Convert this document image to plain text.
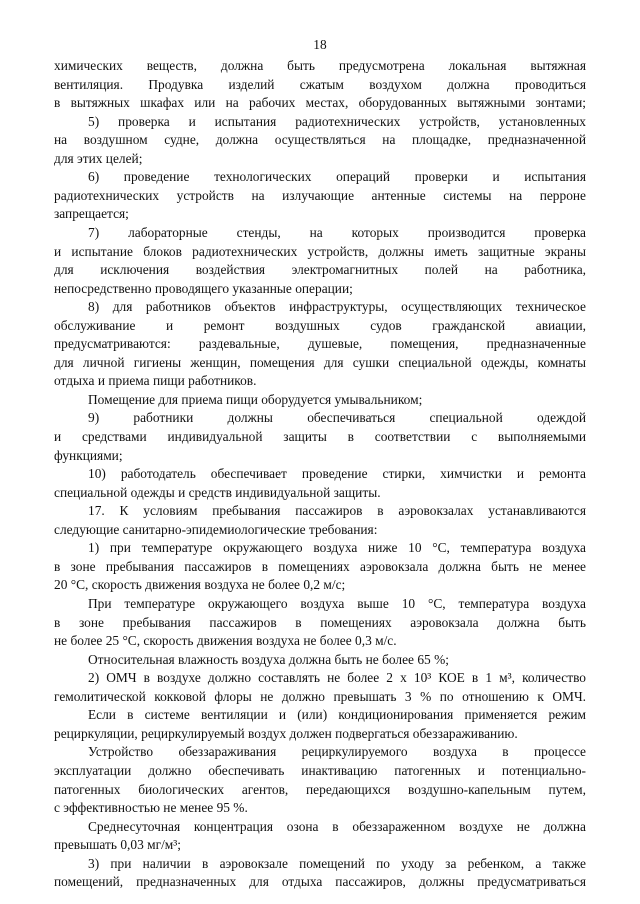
18
химических веществ, должна быть предусмотрена локальная вытяжная
вентиляция. Продувка изделий сжатым воздухом должна проводиться
в вытяжных шкафах или на рабочих местах, оборудованных вытяжными зонтами;
5) проверка и испытания радиотехнических устройств, установленных
на воздушном судне, должна осуществляться на площадке, предназначенной
для этих целей;
6) проведение технологических операций проверки и испытания
радиотехнических устройств на излучающие антенные системы на перроне
запрещается;
7) лабораторные стенды, на которых производится проверка
и испытание блоков радиотехнических устройств, должны иметь защитные экраны
для исключения воздействия электромагнитных полей на работника,
непосредственно проводящего указанные операции;
8) для работников объектов инфраструктуры, осуществляющих техническое
обслуживание и ремонт воздушных судов гражданской авиации,
предусматриваются: раздевальные, душевые, помещения, предназначенные
для личной гигиены женщин, помещения для сушки специальной одежды, комнаты
отдыха и приема пищи работников.
Помещение для приема пищи оборудуется умывальником;
9) работники должны обеспечиваться специальной одеждой
и средствами индивидуальной защиты в соответствии с выполняемыми
функциями;
10) работодатель обеспечивает проведение стирки, химчистки и ремонта
специальной одежды и средств индивидуальной защиты.
17. К условиям пребывания пассажиров в аэровокзалах устанавливаются
следующие санитарно-эпидемиологические требования:
1) при температуре окружающего воздуха ниже 10 °С, температура воздуха
в зоне пребывания пассажиров в помещениях аэровокзала должна быть не менее
20 °С, скорость движения воздуха не более 0,2 м/с;
При температуре окружающего воздуха выше 10 °С, температура воздуха
в зоне пребывания пассажиров в помещениях аэровокзала должна быть
не более 25 °С, скорость движения воздуха не более 0,3 м/с.
Относительная влажность воздуха должна быть не более 65 %;
2) ОМЧ в воздухе должно составлять не более 2 х 10³ КОЕ в 1 м³, количество
гемолитической кокковой флоры не должно превышать 3 % по отношению к ОМЧ.
Если в системе вентиляции и (или) кондиционирования применяется режим
рециркуляции, рециркулируемый воздух должен подвергаться обеззараживанию.
Устройство обеззараживания рециркулируемого воздуха в процессе
эксплуатации должно обеспечивать инактивацию патогенных и потенциально-
патогенных биологических агентов, передающихся воздушно-капельным путем,
с эффективностью не менее 95 %.
Среднесуточная концентрация озона в обеззараженном воздухе не должна
превышать 0,03 мг/м³;
3) при наличии в аэровокзале помещений по уходу за ребенком, а также
помещений, предназначенных для отдыха пассажиров, должны предусматриваться
